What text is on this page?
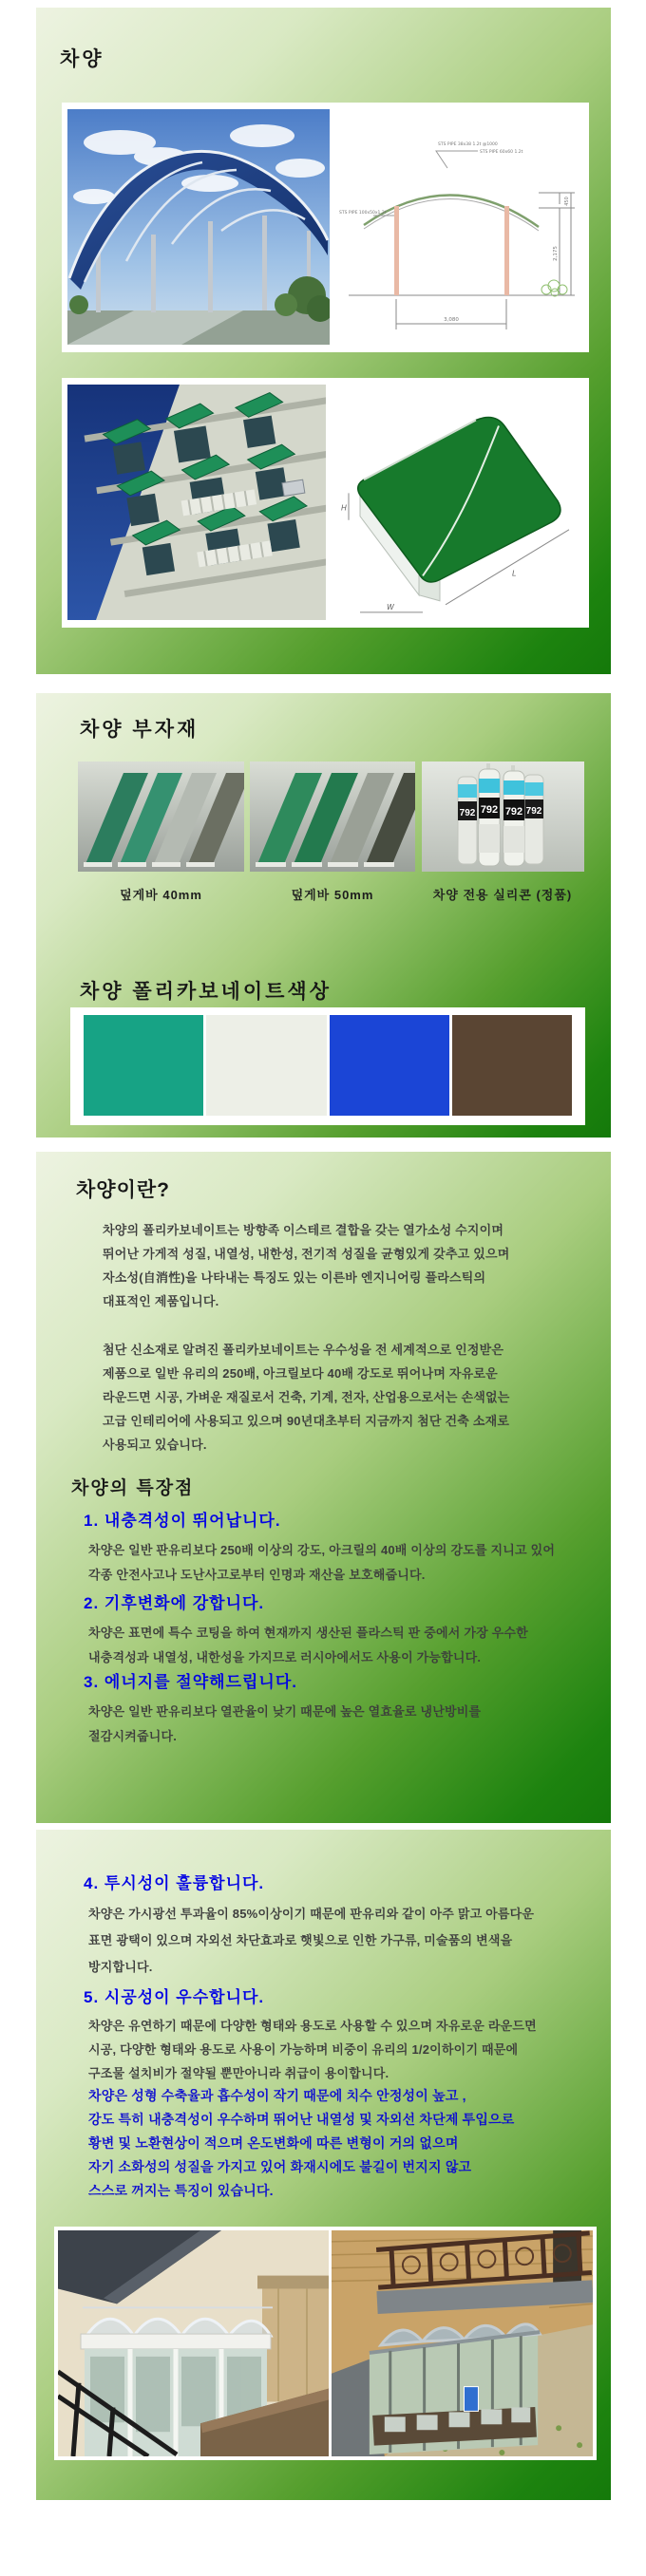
차양
STS PIPE 38x38 1.2t @1000
STS PIPE 60x60 1.2t
STS PIPE 100x50x1.2t
3,080
2,175
450
H
W
L
차양 부자재
792	792
792 792
덮게바 40mm	덮게바 50mm	차양 전용 실리콘 (정품)
차양 폴리카보네이트색상
차양이란?
차양의 폴리카보네이트는 방향족 이스테르 결합을 갖는 열가소성 수지이며
뛰어난 가게적 성질, 내열성, 내한성, 전기적 성질을 균형있게 갖추고 있으며
자소성(自消性)을 나타내는 특징도 있는 이른바 엔지니어링 플라스틱의
대표적인 제품입니다.
첨단 신소재로 알려진 폴리카보네이트는 우수성을 전 세계적으로 인정받은
제품으로 일반 유리의 250배, 아크릴보다 40배 강도로 뛰어나며 자유로운
라운드면 시공, 가벼운 재질로서 건축, 기계, 전자, 산업용으로서는 손색없는
고급 인테리어에 사용되고 있으며 90년대초부터 지금까지 첨단 건축 소재로
사용되고 있습니다.
차양의 특장점
1. 내충격성이 뛰어납니다.
차양은 일반 판유리보다 250배 이상의 강도, 아크릴의 40배 이상의 강도를 지니고 있어
각종 안전사고나 도난사고로부터 인명과 재산을 보호해줍니다.
2. 기후변화에 강합니다.
차양은 표면에 특수 코팅을 하여 현재까지 생산된 플라스틱 판 중에서 가장 우수한
내충격성과 내열성, 내한성을 가지므로 러시아에서도 사용이 가능합니다.
3. 에너지를 절약해드립니다.
차양은 일반 판유리보다 열관율이 낮기 때문에 높은 열효율로 냉난방비를
절감시켜줍니다.
4. 투시성이 훌륭합니다.
차양은 가시광선 투과율이 85%이상이기 때문에 판유리와 같이 아주 맑고 아름다운
표면 광택이 있으며 자외선 차단효과로 햇빛으로 인한 가구류, 미술품의 변색을
방지합니다.
5. 시공성이 우수합니다.
차양은 유연하기 때문에 다양한 형태와 용도로 사용할 수 있으며 자유로운 라운드면
시공, 다양한 형태와 용도로 사용이 가능하며 비중이 유리의 1/2이하이기 때문에
구조물 설치비가 절약될 뿐만아니라 취급이 용이합니다.
차양은 성형 수축율과 흡수성이 작기 때문에 치수 안정성이 높고 ,
강도 특히 내충격성이 우수하며 뛰어난 내열성 및 자외선 차단제 투입으로
황변 및 노환현상이 적으며 온도변화에 따른 변형이 거의 없으며
자기 소화성의 성질을 가지고 있어 화재시에도 불길이 번지지 않고
스스로 꺼지는 특징이 있습니다.
